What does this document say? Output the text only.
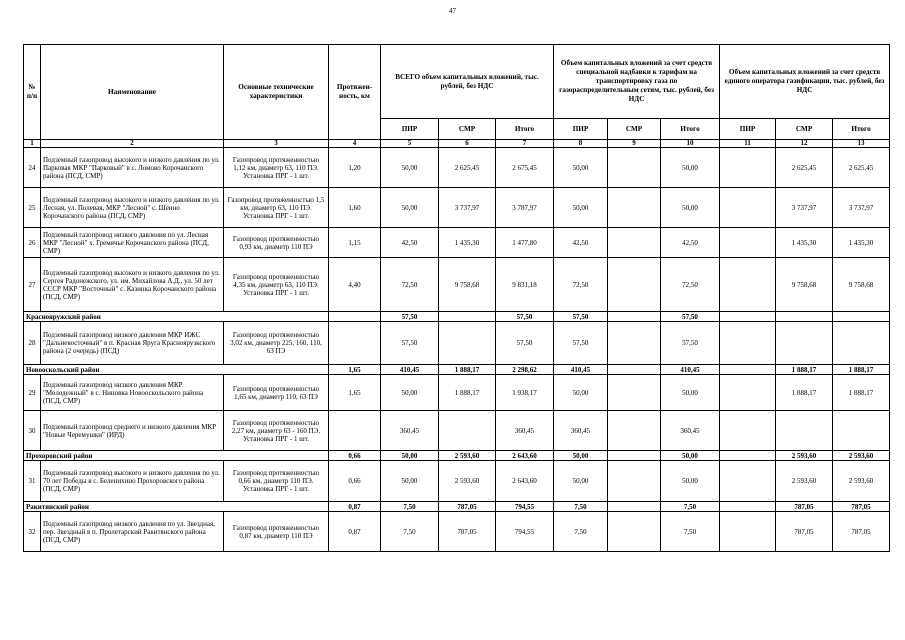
47
№ п/п	Наименование	Основные технические характеристики	Протяжен-ность, км	ВСЕГО объем капитальных вложений, тыс. рублей, без НДС			Объем капитальных вложений за счет средств специальной надбавки к тарифам на транспортировку газа по газораспределительным сетям, тыс. рублей, без НДС			Объем капитальных вложений за счет средств единого оператора газификации, тыс. рублей, без НДС		
				ПИР	СМР	Итого	ПИР	СМР	Итого	ПИР	СМР	Итого
1	2	3	4	5	6	7	8	9	10	11	12	13
24	Подземный газопровод высокого и низкого давления по ул. Парковая МКР "Парковый" в с. Ломово Корочанского района (ПСД, СМР)	Газопровод протяженностью 1,12 км, диаметр 63, 110 ПЭ. Установка ПРГ - 1 шт.	1,20	50,00	2 625,45	2 675,45	50,00		50,00		2 625,45	2 625,45
25	Подземный газопровод высокого и низкого давления по ул. Лесная, ул. Полевая, МКР "Лесной" с. Шеино Корочанского района (ПСД, СМР)	Газопровод протяженностью 1,5 км, диаметр 63, 110 ПЭ. Установка ПРГ - 1 шт.	1,60	50,00	3 737,97	3 787,97	50,00		50,00		3 737,97	3 737,97
26	Подземный газопровод низкого давления по ул. Лесная МКР "Лесной" х. Гремячье Корочанского района (ПСД, СМР)	Газопровод протяженностью 0,93 км, диаметр 110 ПЭ	1,15	42,50	1 435,30	1 477,80	42,50		42,50		1 435,30	1 435,30
27	Подземный газопровод высокого и низкого давления по ул. Сергея Радонежского, ул. им. Михайлова А.Д., ул. 50 лет СССР МКР "Восточный" с. Казинка Корочанского района (ПСД, СМР)	Газопровод протяженностью 4,35 км, диаметр 63, 110 ПЭ. Установка ПРГ - 1 шт.	4,40	72,50	9 758,68	9 831,18	72,50		72,50		9 758,68	9 758,68
Краснояружский район				57,50		57,50	57,50		57,50			
28	Подземный газопровод низкого давления МКР ИЖС "Дальневосточный" в п. Красная Яруга Красноярузкского района (2 очередь) (ПСД)	Газопровод протяженностью 3,02 км, диаметр 225, 160, 110, 63 ПЭ		57,50		57,50	57,50		57,50			
Новооскольский район			1,65	410,45	1 888,17	2 298,62	410,45		410,45		1 888,17	1 888,17
29	Подземный газопровод низкого давления МКР "Молодежный" в с. Ниновка Новооскольского района (ПСД, СМР)	Газопровод протяженностью 1,65 км, диаметр 110, 63 ПЭ	1,65	50,00	1 888,17	1 938,17	50,00		50,00		1 888,17	1 888,17
30	Подземный газопровод среднего и низкого давления МКР "Новые Черемушки" (ИРД)	Газопровод протяженностью 2,27 км, диаметр 63 - 160 ПЭ. Установка ПРГ - 1 шт.		360,45		360,45	360,45		360,45			
Прохоровский район			0,66	50,00	2 593,60	2 643,60	50,00		50,00		2 593,60	2 593,60
31	Подземный газопровод высокого и низкого давления по ул. 70 лет Победы в с. Беленихино Прохоровского района (ПСД, СМР)	Газопровод протяженностью 0,66 км, диаметр 110 ПЭ. Установка ПРГ - 1 шт.	0,66	50,00	2 593,60	2 643,60	50,00		50,00		2 593,60	2 593,60
Ракитянский район			0,87	7,50	787,05	794,55	7,50		7,50		787,05	787,05
32	Подземный газопровод низкого давления по ул. Звездная, пер. Звездный в п. Пролетарский Ракитянского района (ПСД, СМР)	Газопровод протяженностью 0,87 км, диаметр 110 ПЭ	0,87	7,50	787,05	794,55	7,50		7,50		787,05	787,05
